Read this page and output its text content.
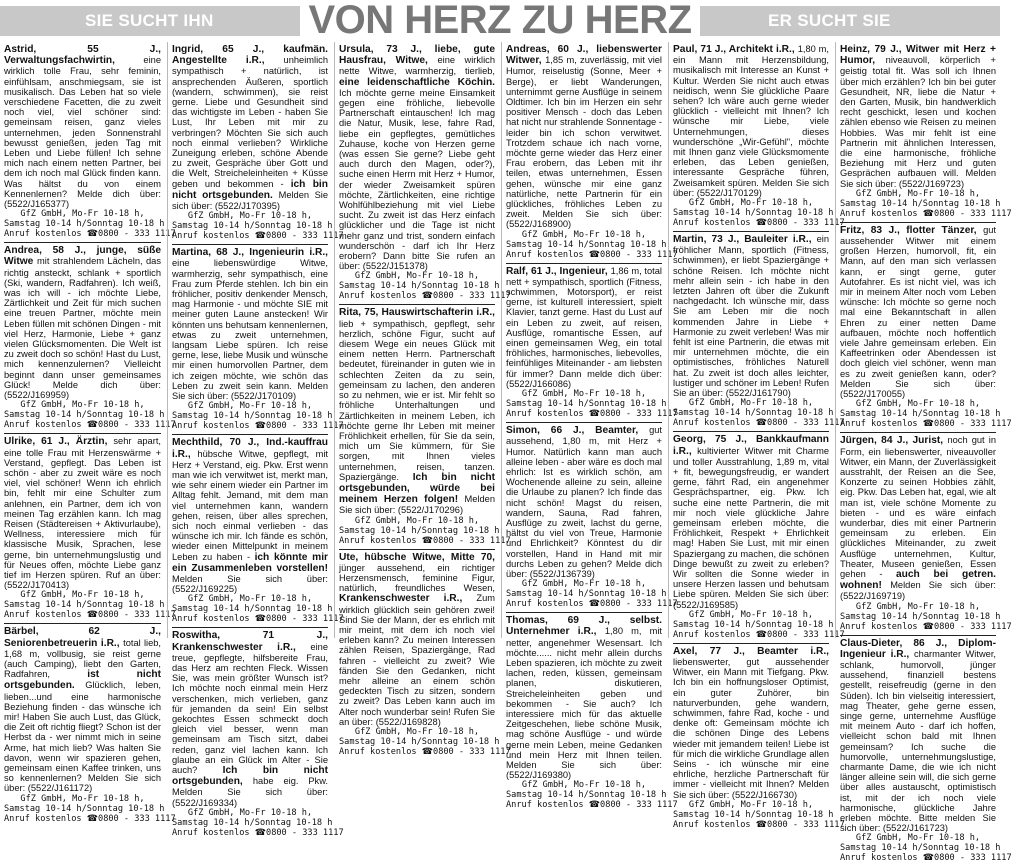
SIE SUCHT IHN VON HERZ ZU HERZ	ER SUCHT SIE

Astrid, 55 J., Verwaltungsfachwirtin, eine wirklich tolle Frau, sehr feminin, einfühlsam, anschmiegsam, sie ist musikalisch. Das Leben hat so viele verschiedene Facetten, die zu zweit noch viel, viel schöner sind: gemeinsam reisen, ganz vieles unternehmen, jeden Sonnenstrahl bewusst genießen, jeden Tag mit Leben und Liebe füllen! Ich sehne mich nach einem netten Partner, bei dem ich noch mal Glück finden kann. Was hältst du von einem Kennenlernen? Melde dich über: (5522/J165377)

GfZ GmbH, Mo-Fr 10-18 h,
Samstag 10-14 h/Sonntag 10-18 h
Anruf kostenlos ☎0800 - 333 1117

Andrea, 58 J., junge, süße Witwe mit strahlendem Lächeln, das richtig ansteckt, schlank + sportlich (Ski, wandern, Radfahren). Ich weiß, was ich will - ich möchte Liebe, Zärtlichkeit und Zeit für mich suchen eine treuen Partner, möchte mein Leben füllen mit schönen Dingen - mit viel Herz, Harmonie, Liebe + ganz vielen Glücksmomenten. Die Welt ist zu zweit doch so schön! Hast du Lust, mich kennenzulernen? Vielleicht beginnt dann unser gemeinsames Glück! Melde dich über: (5522/J169959)

GfZ GmbH, Mo-Fr 10-18 h,
Samstag 10-14 h/Sonntag 10-18 h
Anruf kostenlos ☎0800 - 333 1117

Ulrike, 61 J., Ärztin, sehr apart, eine tolle Frau mit Herzenswärme + Verstand, gepflegt. Das Leben ist schön - aber zu zweit wäre es noch viel, viel schöner! Wenn ich ehrlich bin, fehlt mir eine Schulter zum anlehnen, ein Partner, dem ich von meinen Tag erzählen kann. Ich mag Reisen (Städtereisen + Aktivurlaube), Wellness, interessiere mich für klassische Musik, Sprachen, lese gerne, bin unternehmungslustig und für Neues offen, möchte Liebe ganz tief im Herzen spüren. Ruf an über: (5522/J170413)

GfZ GmbH, Mo-Fr 10-18 h,
Samstag 10-14 h/Sonntag 10-18 h
Anruf kostenlos ☎0800 - 333 1117

Bärbel, 62 J., Seniorenbetreuerin i.R., total lieb, 1,68 m, vollbusig, sie reist gerne (auch Camping), liebt den Garten, Radfahren, ist nicht ortsgebunden. Glücklich, leben, lieben...und eine harmonische Beziehung finden - das wünsche ich mir! Haben Sie auch Lust, das Glück, die Zeit oft richtig fliegt? Schon ist der Herbst da - wer nimmt mich in seine Arme, hat mich lieb? Was halten Sie davon, wenn wir spazieren gehen, gemeinsam einen Kaffee trinken, uns so kennenlernen? Melden Sie sich über: (5522/J161172)

GfZ GmbH, Mo-Fr 10-18 h,
Samstag 10-14 h/Sonntag 10-18 h
Anruf kostenlos ☎0800 - 333 1117

Ingrid, 65 J., kaufmän. Angestellte i.R., unheimlich sympathisch + natürlich, ist ansprechenden Äußeren, sportlich (wandern, schwimmen), sie reist gerne. Liebe und Gesundheit sind das wichtigste im Leben - haben Sie Lust, Ihr Leben mit mir zu verbringen? Möchten Sie sich auch noch einmal verlieben? Wirkliche Zuneigung erleben, schöne Abende zu zweit, Gespräche über Gott und die Welt, Streicheleinheiten + Küsse geben und bekommen - ich bin nicht ortsgebunden. Melden Sie sich über: (5522/J170395)

GfZ GmbH, Mo-Fr 10-18 h,
Samstag 10-14 h/Sonntag 10-18 h
Anruf kostenlos ☎0800 - 333 1117

Martina, 68 J., Ingenieurin i.R., eine liebenswürdige Witwe, warmherzig, sehr sympathisch, eine Frau zum Pferde stehlen. Ich bin ein fröhlicher, positiv denkender Mensch, mag Harmonie - und möchte SIE mit meiner guten Laune anstecken! Wir könnten uns behutsam kennenlernen, etwas zu zweit unternehmen, langsam Liebe spüren. Ich reise gerne, lese, liebe Musik und wünsche mir einen humorvollen Partner, dem ich zeigen möchte, wie schön das Leben zu zweit sein kann. Melden Sie sich über: (5522/J170109)

GfZ GmbH, Mo-Fr 10-18 h,
Samstag 10-14 h/Sonntag 10-18 h
Anruf kostenlos ☎0800 - 333 1117

Mechthild, 70 J., Ind.-kauffrau i.R., hübsche Witwe, gepflegt, mit Herz + Verstand, eig. Pkw. Erst wenn man wie ich verwitwet ist, merkt man, wie sehr einem wieder ein Partner im Alltag fehlt. Jemand, mit dem man viel unternehmen kann, wandern gehen, reisen, über alles sprechen, sich noch einmal verlieben - das wünsche ich mir. Ich fände es schön, wieder einen Mittelpunkt in meinem Leben zu haben - ich könnte mir ein Zusammenleben vorstellen! Melden Sie sich über: (5522/J169225)

GfZ GmbH, Mo-Fr 10-18 h,
Samstag 10-14 h/Sonntag 10-18 h
Anruf kostenlos ☎0800 - 333 1117

Roswitha, 71 J., Krankenschwester i.R., eine treue, gepflegte, hilfsbereite Frau, das Herz am rechten Fleck. Wissen Sie, was mein größter Wunsch ist? Ich möchte noch einmal mein Herz verschenken, mich verlieben, ganz für jemanden da sein! Ein selbst gekochtes Essen schmeckt doch gleich viel besser, wenn man gemeinsam am Tisch sitzt, dabei reden, ganz viel lachen kann. Ich glaube an ein Glück im Alter - Sie auch? Ich bin nicht ortsgebunden, habe eig. Pkw. Melden Sie sich über: (5522/J169334)

GfZ GmbH, Mo-Fr 10-18 h,
Samstag 10-14 h/Sonntag 10-18 h
Anruf kostenlos ☎0800 - 333 1117

Ursula, 73 J., liebe, gute Hausfrau, Witwe, eine wirklich nette Witwe, warmherzig, tierlieb, eine leidenschaftliche Köchin. Ich möchte gerne meine Einsamkeit gegen eine fröhliche, liebevolle Partnerschaft eintauschen! Ich mag die Natur, Musik, lese, fahre Rad, liebe ein gepflegtes, gemütliches Zuhause, koche von Herzen gerne (was essen Sie gerne? Liebe geht auch durch den Magen, oder?), suche einen Herrn mit Herz + Humor, der wieder Zweisamkeit spüren möchte, Zärtlichkeiten, eine richtige Wohlfühlbeziehung mit viel Liebe sucht. Zu zweit ist das Herz einfach glücklicher und die Tage ist nicht mehr ganz und trist, sondern einfach wunderschön - darf ich Ihr Herz erobern? Dann bitte Sie rufen an über: (5522/J151378)

GfZ GmbH, Mo-Fr 10-18 h,
Samstag 10-14 h/Sonntag 10-18 h
Anruf kostenlos ☎0800 - 333 1117

Rita, 75, Hauswirtschafterin i.R., lieb + sympathisch, gepflegt, sehr herzlich, schöne Figur, sucht auf diesem Wege ein neues Glück mit einem netten Herrn. Partnerschaft bedeutet, füreinander in guten wie in schlechten Zeiten da zu sein, gemeinsam zu lachen, den anderen so zu nehmen, wie er ist. Mir fehlt so fröhliche Unterhaltungen und Zärtlichkeiten in meinem Leben, ich möchte gerne Ihr Leben mit meiner Fröhlichkeit erhellen, für Sie da sein, mich um Sie kümmern, für Sie sorgen, mit Ihnen vieles unternehmen, reisen, tanzen. Spaziergänge. Ich bin nicht ortsgebunden, würde bei meinem Herzen folgen! Melden Sie sich über: (5522/J170296)

GfZ GmbH, Mo-Fr 10-18 h,
Samstag 10-14 h/Sonntag 10-18 h
Anruf kostenlos ☎0800 - 333 1117

Ute, hübsche Witwe, Mitte 70, jünger aussehend, ein richtiger Herzensmensch, feminine Figur, natürlich, freundliches Wesen, Krankenschwester i.R., Zum wirklich glücklich sein gehören zwei! Sind Sie der Mann, der es ehrlich mit mir meint, mit dem ich noch viel erleben kann? Zu meinen Interessen zählen Reisen, Spaziergänge, Rad fahren - vielleicht zu zweit? Wie fänden Sie den Gedanken, nicht mehr alleine an einem schön gedeckten Tisch zu sitzen, sondern zu zweit? Das Leben kann auch im Alter noch wunderbar sein! Rufen Sie an über: (5522/J169828)

GfZ GmbH, Mo-Fr 10-18 h,
Samstag 10-14 h/Sonntag 10-18 h
Anruf kostenlos ☎0800 - 333 1117

Andreas, 60 J., liebenswerter Witwer, 1,85 m, zuverlässig, mit viel Humor, reiselustig (Sonne, Meer + Berge), er liebt Wanderungen, unternimmt gerne Ausflüge in seinem Oldtimer. Ich bin im Herzen ein sehr positiver Mensch - doch das Leben hat nicht nur strahlende Sonnentage - leider bin ich schon verwitwet. Trotzdem schaue ich nach vorne, möchte gerne wieder das Herz einer Frau erobern, das Leben mit ihr teilen, etwas unternehmen, Essen gehen, wünsche mir eine ganz natürliche, nette Partnerin für ein glückliches, fröhliches Leben zu zweit. Melden Sie sich über: (5522/J168900)

GfZ GmbH, Mo-Fr 10-18 h,
Samstag 10-14 h/Sonntag 10-18 h
Anruf kostenlos ☎0800 - 333 1117

Ralf, 61 J., Ingenieur, 1,86 m, total nett + sympathisch, sportlich (Fitness, schwimmen, Motorsport), er reist gerne, ist kulturell interessiert, spielt Klavier, tanzt gerne. Hast du Lust auf ein Leben zu zweit, auf reisen, Ausflüge, romantische Essen, auf einen gemeinsamen Weg, ein total fröhliches, harmonisches, liebevolles, feinfühliges Miteinander - am liebsten für immer? Dann melde dich über: (5522/J166086)

GfZ GmbH, Mo-Fr 10-18 h,
Samstag 10-14 h/Sonntag 10-18 h
Anruf kostenlos ☎0800 - 333 1117

Simon, 66 J., Beamter, gut aussehend, 1,80 m, mit Herz + Humor. Natürlich kann man auch alleine leben - aber wäre es doch mal ehrlich: Ist es wirklich schön, am Wochenende alleine zu sein, alleine die Urlaube zu planen? Ich finde das nicht schön! Magst du reisen, wandern, Sauna, Rad fahren, Ausflüge zu zweit, lachst du gerne, hältst du viel von Treue, Harmonie und Ehrlichkeit? Könntest du dir vorstellen, Hand in Hand mit mir durchs Leben zu gehen? Melde dich über: (5522/J136739)

GfZ GmbH, Mo-Fr 10-18 h,
Samstag 10-14 h/Sonntag 10-18 h
Anruf kostenlos ☎0800 - 333 1117

Thomas, 69 J., selbst. Unternehmer i.R., 1,80 m, mit netter, angenehmer Wesensart. Ich möchte...... nicht mehr allein durchs Leben spazieren, ich möchte zu zweit lachen, reden, küssen, gemeinsam planen, diskutieren, Streicheleinheiten geben und bekommen - Sie auch? Ich interessiere mich für das aktuelle Zeitgeschehen, liebe schöne Musik, mag schöne Ausflüge - und würde gerne mein Leben, meine Gedanken und mein Herz mit Ihnen teilen. Melden Sie sich über: (5522/J169380)

GfZ GmbH, Mo-Fr 10-18 h,
Samstag 10-14 h/Sonntag 10-18 h
Anruf kostenlos ☎0800 - 333 1117

Paul, 71 J., Architekt i.R., 1,80 m, ein Mann mit Herzensbildung, musikalisch mit Interesse an Kunst + Kultur. Werden Sie nicht auch etwas neidisch, wenn Sie glückliche Paare sehen? Ich wäre auch gerne wieder glücklich - vielleicht mit Ihnen? Ich wünsche mir Liebe, viele Unternehmungen, dieses wunderschöne „Wir-Gefühl", möchte mit Ihnen ganz viele Glücksmomente erleben, das Leben genießen, interessante Gespräche führen, Zweisamkeit spüren. Melden Sie sich über: (5522/J170129)

GfZ GmbH, Mo-Fr 10-18 h,
Samstag 10-14 h/Sonntag 10-18 h
Anruf kostenlos ☎0800 - 333 1117

Martin, 73 J., Bauleiter i.R., ein fröhlicher Mann, sportlich (Fitness, schwimmen), er liebt Spaziergänge + schöne Reisen. Ich möchte nicht mehr allein sein - ich habe in den letzten Jahren oft über die Zukunft nachgedacht. Ich wünsche mir, dass Sie am Leben mir die noch kommenden Jahre in Liebe + Harmonie zu zweit verleben! Was mir fehlt ist eine Partnerin, die etwas mit mir unternehmen möchte, die ein optimistisches, fröhliches Naturell hat. Zu zweit ist doch alles leichter, lustiger und schöner im Leben! Rufen Sie an über: (5522/J161790)

GfZ GmbH, Mo-Fr 10-18 h,
Samstag 10-14 h/Sonntag 10-18 h
Anruf kostenlos ☎0800 - 333 1117

Georg, 75 J., Bankkaufmann i.R., kultivierter Witwer mit Charme und toller Ausstrahlung, 1,89 m, vital + fit, bewegungsfreudig, er wandert gerne, fährt Rad, ein angenehmer Gesprächspartner, eig. Pkw. Ich suche eine nette Partnerin, die mit mir noch viele glückliche Jahre gemeinsam erleben möchte, die Fröhlichkeit, Respekt + Ehrlichkeit mag! Haben Sie Lust, mit mir einen Spaziergang zu machen, die schönen Dinge bewußt zu zweit zu erleben? Wir sollten die Sonne wieder in unsere Herzen lassen und behutsam Liebe spüren. Melden Sie sich über: (5522/J169585)

GfZ GmbH, Mo-Fr 10-18 h,
Samstag 10-14 h/Sonntag 10-18 h
Anruf kostenlos ☎0800 - 333 1117

Axel, 77 J., Beamter i.R., liebenswerter, gut aussehender Witwer, ein Mann mit Tiefgang. Pkw. Ich bin ein hoffnungsloser Optimist, ein guter Zuhörer, bin naturverbunden, gehe wandern, schwimmen, fahre Rad, koche - und denke oft: Gemeinsam möchte ich die schönen Dinge des Lebens wieder mit jemandem teilen! Liebe ist für mich die wirkliche Grundlage allen Seins - ich wünsche mir eine ehrliche, herzliche Partnerschaft für immer - vielleicht mit Ihnen? Melden Sie sich über: (5522/J166730)

GfZ GmbH, Mo-Fr 10-18 h,
Samstag 10-14 h/Sonntag 10-18 h
Anruf kostenlos ☎0800 - 333 1117

Heinz, 79 J., Witwer mit Herz + Humor, niveauvoll, körperlich + geistig total fit. Was soll ich Ihnen über mich erzählen? Ich bin bei guter Gesundheit, NR, liebe die Natur + den Garten, Musik, bin handwerklich recht geschickt, lesen und kochen zählen ebenso wie Reisen zu meinen Hobbies. Was mir fehlt ist eine Partnerin mit ähnlichen Interessen, die eine harmonische, fröhliche Beziehung mit Herz und guten Gesprächen aufbauen will. Melden Sie sich über: (5522/J169723)

GfZ GmbH, Mo-Fr 10-18 h,
Samstag 10-14 h/Sonntag 10-18 h
Anruf kostenlos ☎0800 - 333 1117

Fritz, 83 J., flotter Tänzer, gut aussehender Witwer mit einem großen Herzen, humorvoll, fit, ein Mann, auf den man sich verlassen kann, er singt gerne, guter Autofahrer. Es ist nicht viel, was ich mir in meinem Alter noch vom Leben wünsche: Ich möchte so gerne noch mal eine Bekanntschaft in allen Ehren zu einer netten Dame aufbauen, möchte noch hoffentlich viele Jahre gemeinsam erleben. Ein Kaffeetrinken oder Abendessen ist doch gleich viel schöner, wenn man es zu zweit genießen kann, oder? Melden Sie sich über: (5522/J170055)

GfZ GmbH, Mo-Fr 10-18 h,
Samstag 10-14 h/Sonntag 10-18 h
Anruf kostenlos ☎0800 - 333 1117

Jürgen, 84 J., Jurist, noch gut in Form, ein liebenswerter, niveauvoller Witwer, ein Mann, der Zuverlässigkeit ausstrahlt, der Reisen an die See, Konzerte zu seinen Hobbies zählt, eig. Pkw. Das Leben hat, egal, wie alt man ist, viele schöne Momente zu bieten - und es wäre einfach wunderbar, dies mit einer Partnerin gemeinsam zu erleben. Ein glückliches Miteinander, zu zweit Ausflüge unternehmen, Kultur, Theater, Museen genießen, Essen gehen - auch bei getren. wohnen! Melden Sie sich über: (5522/J169719)

GfZ GmbH, Mo-Fr 10-18 h,
Samstag 10-14 h/Sonntag 10-18 h
Anruf kostenlos ☎0800 - 333 1117

Claus-Dieter, 86 J., Diplom-Ingenieur i.R., charmanter Witwer, schlank, humorvoll, jünger aussehend, finanziell bestens gestellt, reisefreudig (gerne in den Süden). Ich bin vielseitig interessiert, mag Theater, gehe gerne essen, singe gerne, unternehme Ausflüge mit meinem Auto - darf ich hoffen, vielleicht schon bald mit Ihnen gemeinsam? Ich suche die humorvolle, unternehmungslustige, charmante Dame, die wie ich nicht länger alleine sein will, die sich gerne über alles austauscht, optimistisch ist, mit der ich noch viele harmonische, glückliche Jahre erleben möchte. Bitte melden Sie sich über: (5522/J161723)

GfZ GmbH, Mo-Fr 10-18 h,
Samstag 10-14 h/Sonntag 10-18 h
Anruf kostenlos ☎0800 - 333 1117
